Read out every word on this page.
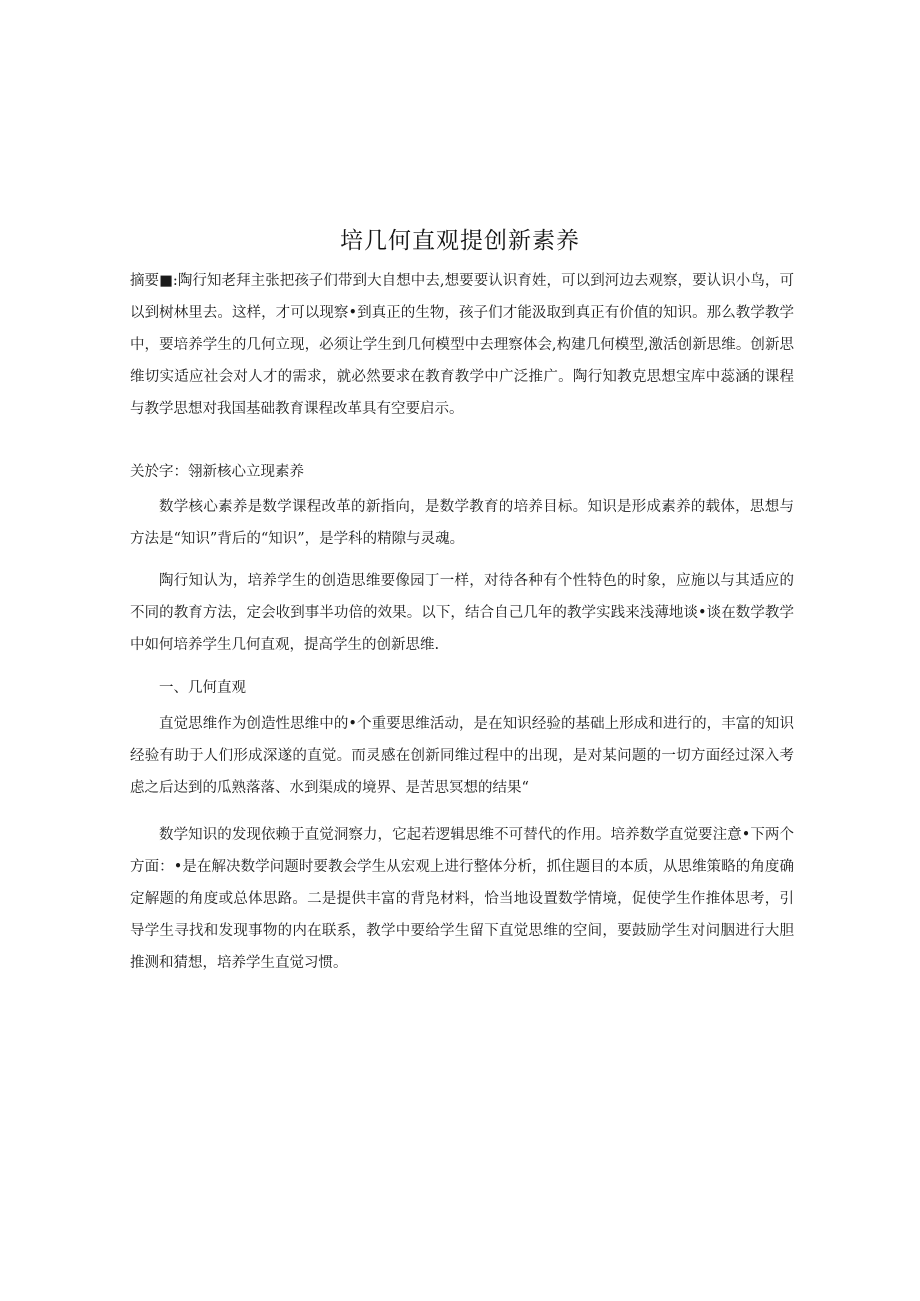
培几何直观提创新素养
摘要■:陶行知老拜主张把孩子们带到大自想中去,想要要认识育姓，可以到河边去观察，要认识小鸟，可以到树林里去。这样，才可以现察•到真正的生物，孩子们才能汲取到真正有价值的知识。那么教学教学中，要培养学生的几何立现，必须让学生到几何模型中去理察体会,构建几何模型,激活创新思维。创新思维切实适应社会对人才的需求，就必然要求在教育教学中广泛推广。陶行知教克思想宝库中蕊涵的课程与教学思想对我国基础教育课程改革具有空要启示。
关於字：翎新核心立现素养
数学核心素养是数学课程改革的新指向，是数学教育的培养目标。知识是形成素养的载体，思想与方法是“知识”背后的“知识”，是学科的精隙与灵魂。
陶行知认为，培养学生的创造思维要像园丁一样，对待各种有个性特色的时象，应施以与其适应的不同的教育方法，定会收到事半功倍的效果。以下，结合自己几年的教学实践来浅薄地谈•谈在数学教学中如何培养学生几何直观，提高学生的创新思维.
一、几何直观
直觉思维作为创造性思维中的•个重要思维活动，是在知识经验的基础上形成和进行的，丰富的知识经验有助于人们形成深遂的直觉。而灵感在创新同维过程中的出现，是对某问题的一切方面经过深入考虑之后达到的瓜熟落落、水到渠成的境界、是苦思冥想的结果“
数学知识的发现依赖于直觉洞察力，它起若逻辑思维不可替代的作用。培养数学直觉要注意•下两个方面：•是在解决数学问题时要教会学生从宏观上进行整体分析，抓住题目的本质，从思维策略的角度确定解题的角度或总体思路。二是提供丰富的背凫材料，恰当地设置数学情境，促使学生作推体思考，引导学生寻找和发现事物的内在联系，教学中要给学生留下直觉思维的空间，要鼓励学生对问胭进行大胆推测和猜想，培养学生直觉习惯。
